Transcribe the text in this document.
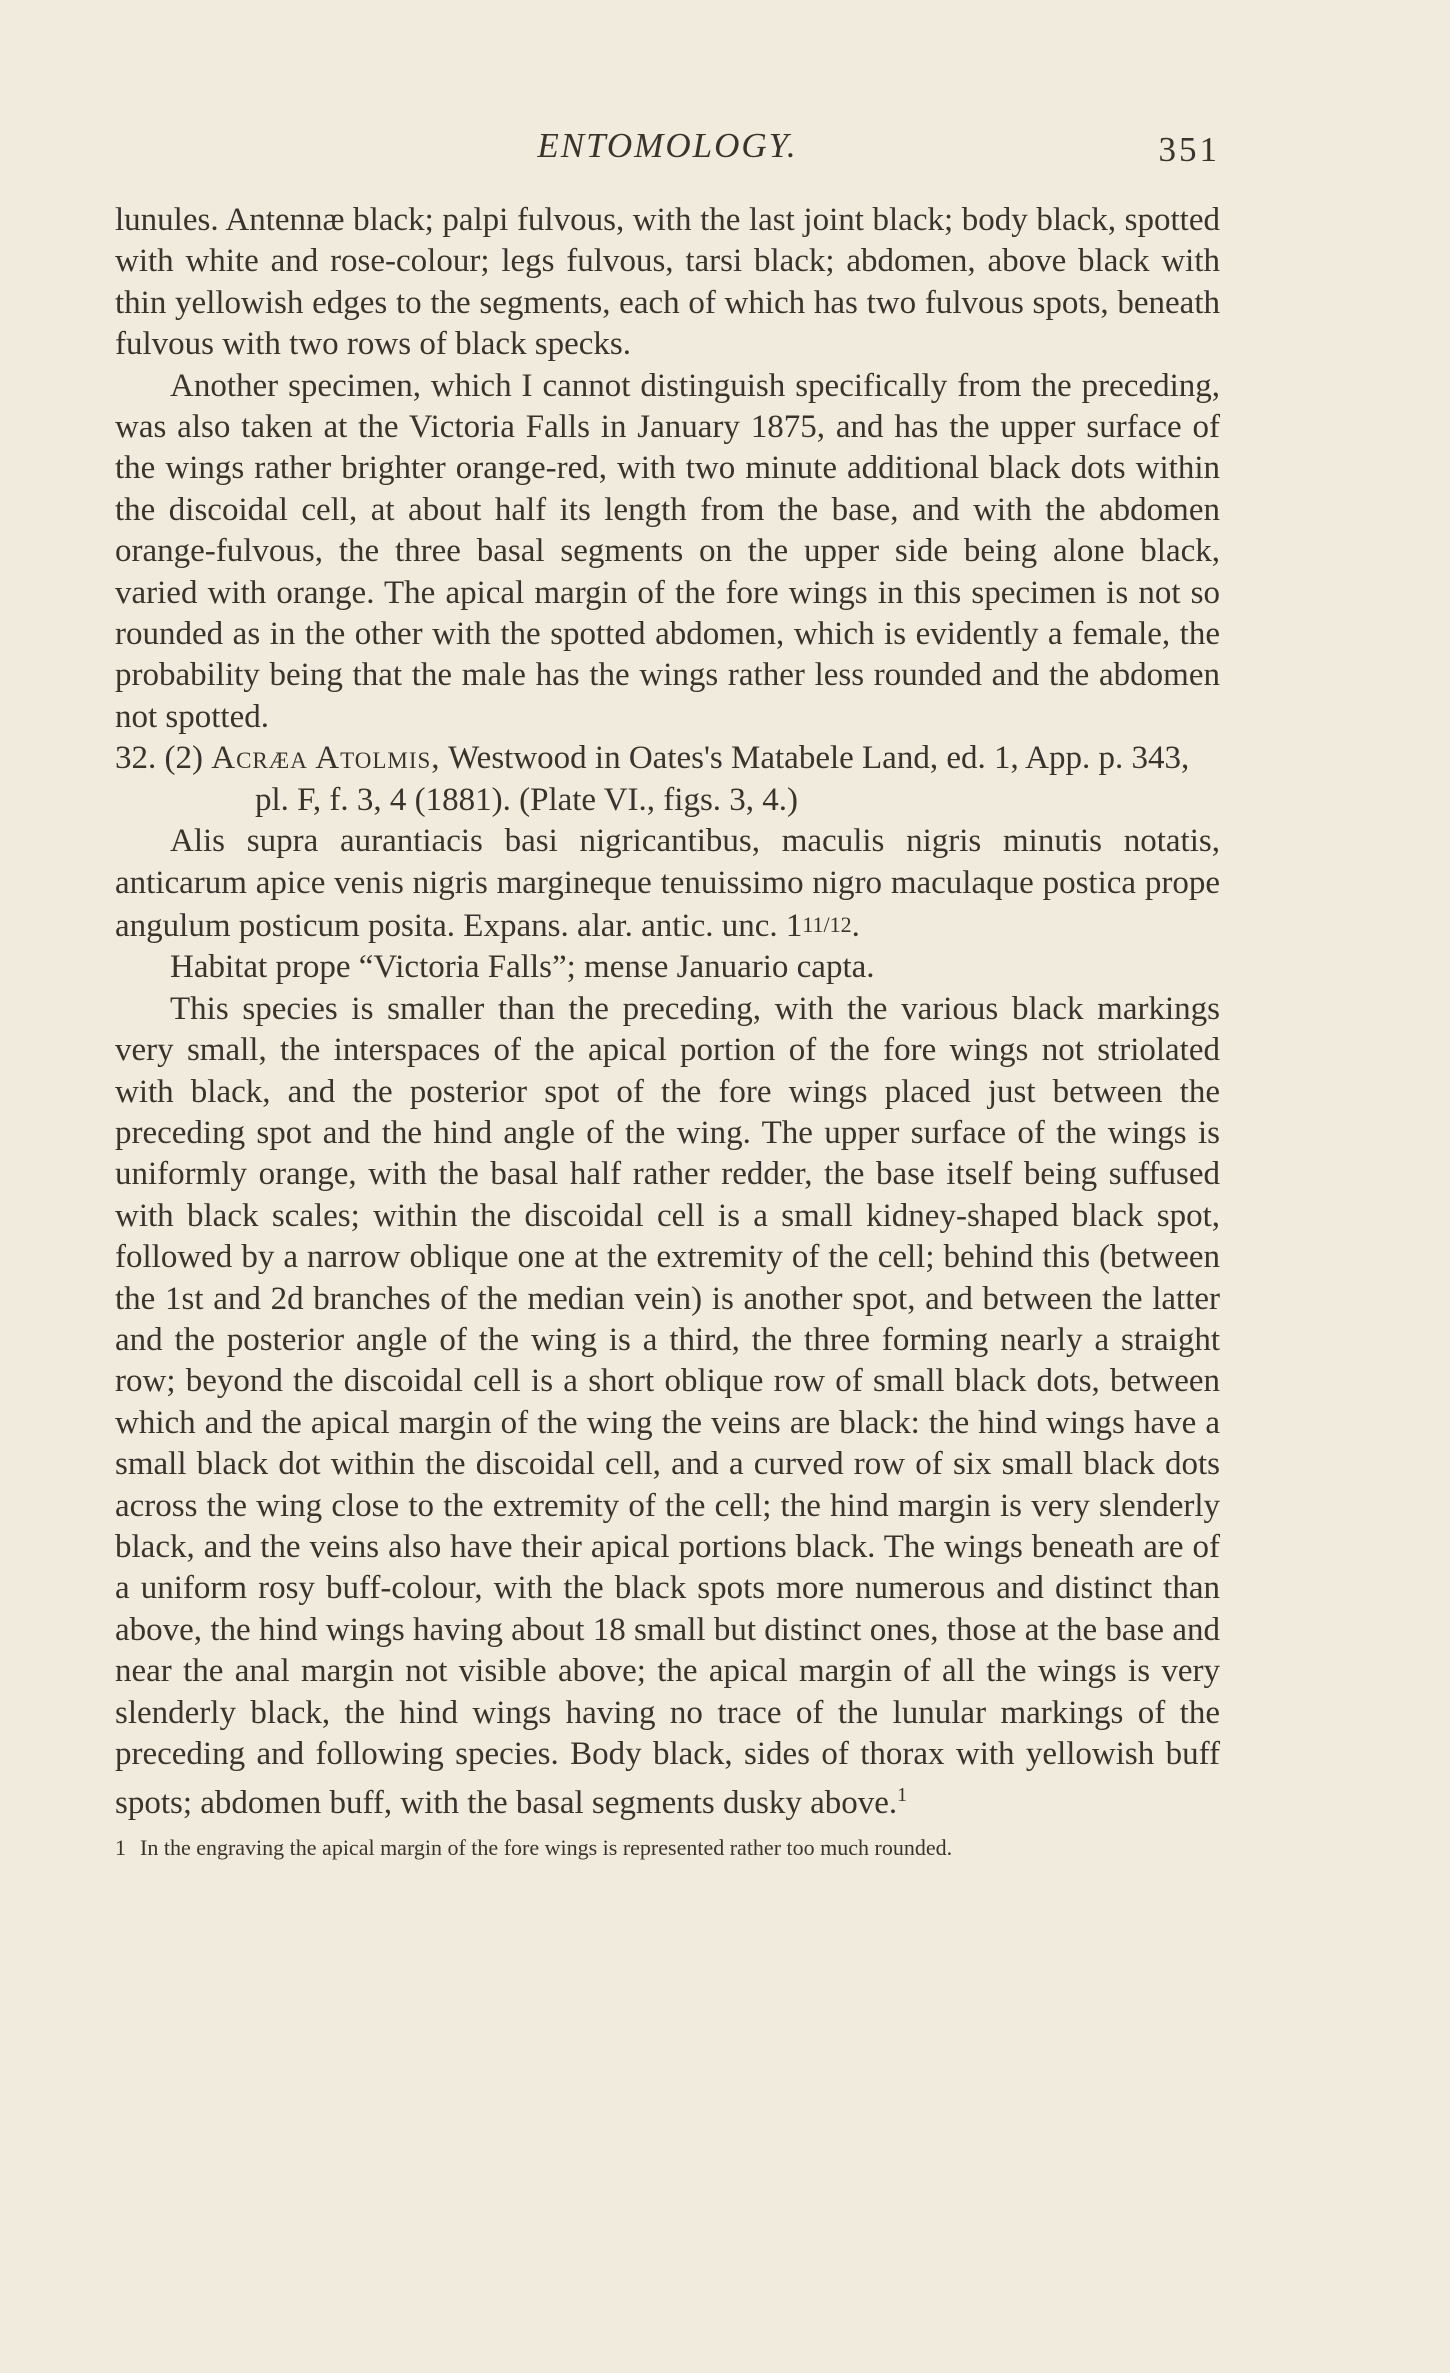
ENTOMOLOGY.	351

lunules. Antennæ black; palpi fulvous, with the last joint black; body black, spotted with white and rose-colour; legs fulvous, tarsi black; abdomen, above black with thin yellowish edges to the segments, each of which has two fulvous spots, beneath fulvous with two rows of black specks.

Another specimen, which I cannot distinguish specifically from the preceding, was also taken at the Victoria Falls in January 1875, and has the upper surface of the wings rather brighter orange-red, with two minute additional black dots within the discoidal cell, at about half its length from the base, and with the abdomen orange-fulvous, the three basal segments on the upper side being alone black, varied with orange. The apical margin of the fore wings in this specimen is not so rounded as in the other with the spotted abdomen, which is evidently a female, the probability being that the male has the wings rather less rounded and the abdomen not spotted.

32. (2) Acræa Atolmis, Westwood in Oates's Matabele Land, ed. 1, App. p. 343, pl. F, f. 3, 4 (1881). (Plate VI., figs. 3, 4.)

Alis supra aurantiacis basi nigricantibus, maculis nigris minutis notatis, anticarum apice venis nigris margineque tenuissimo nigro maculaque postica prope angulum posticum posita. Expans. alar. antic. unc. 111/12.

Habitat prope “Victoria Falls”; mense Januario capta.

This species is smaller than the preceding, with the various black markings very small, the interspaces of the apical portion of the fore wings not striolated with black, and the posterior spot of the fore wings placed just between the preceding spot and the hind angle of the wing. The upper surface of the wings is uniformly orange, with the basal half rather redder, the base itself being suffused with black scales; within the discoidal cell is a small kidney-shaped black spot, followed by a narrow oblique one at the extremity of the cell; behind this (between the 1st and 2d branches of the median vein) is another spot, and between the latter and the posterior angle of the wing is a third, the three forming nearly a straight row; beyond the discoidal cell is a short oblique row of small black dots, between which and the apical margin of the wing the veins are black: the hind wings have a small black dot within the discoidal cell, and a curved row of six small black dots across the wing close to the extremity of the cell; the hind margin is very slenderly black, and the veins also have their apical portions black. The wings beneath are of a uniform rosy buff-colour, with the black spots more numerous and distinct than above, the hind wings having about 18 small but distinct ones, those at the base and near the anal margin not visible above; the apical margin of all the wings is very slenderly black, the hind wings having no trace of the lunular markings of the preceding and following species. Body black, sides of thorax with yellowish buff spots; abdomen buff, with the basal segments dusky above.$^1$

1 In the engraving the apical margin of the fore wings is represented rather too much rounded.
